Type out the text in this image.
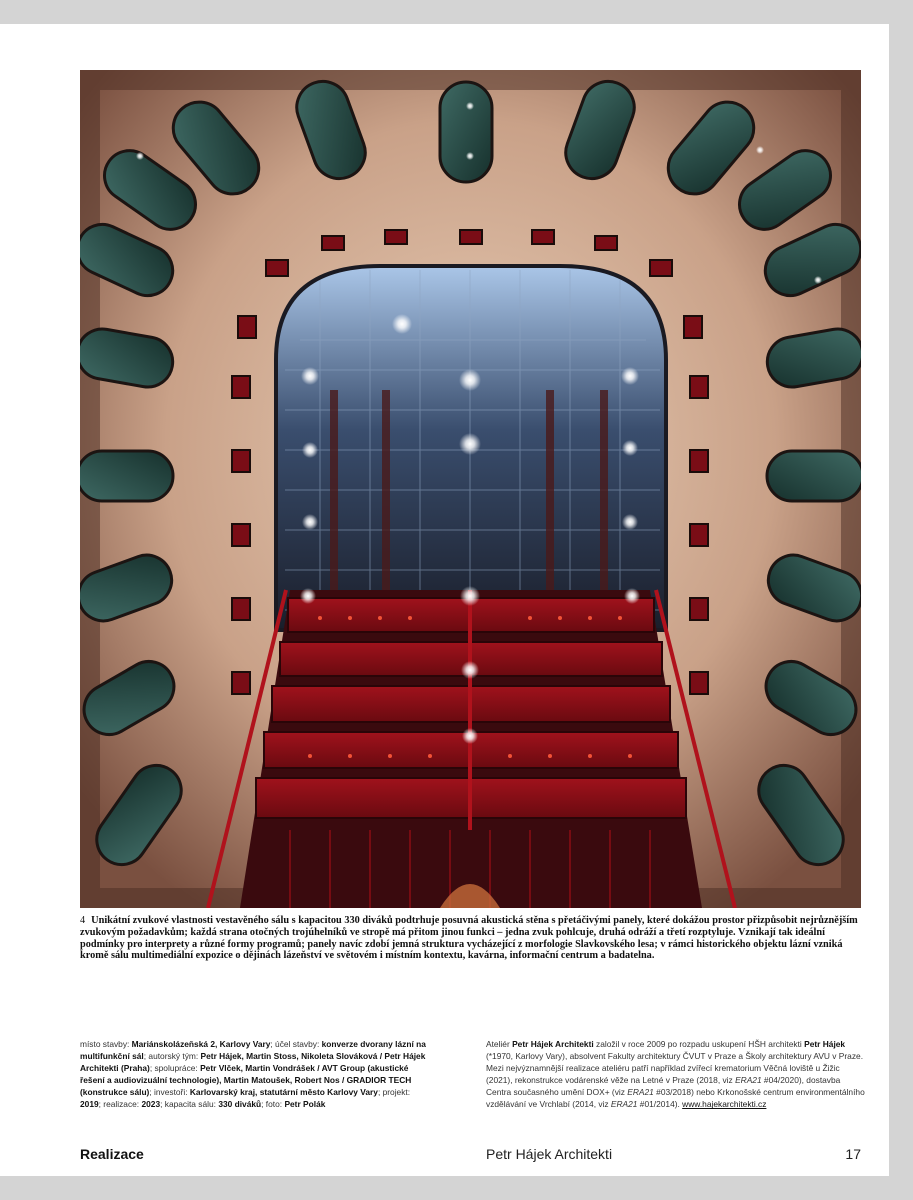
4 Unikátní zvukové vlastnosti vestavěného sálu s kapacitou 330 diváků podtrhuje posuvná akustická stěna s přetáčivými panely, které dokážou prostor přizpůsobit nejrůznějším zvukovým požadavkům; každá strana otočných trojúhelníků ve stropě má přitom jinou funkci – jedna zvuk pohlcuje, druhá odráží a třetí rozptyluje. Vznikají tak ideální podmínky pro interprety a různé formy programů; panely navíc zdobí jemná struktura vycházející z morfologie Slavkovského lesa; v rámci historického objektu lázní vzniká kromě sálu multimediální expozice o dějinách lázeňství ve světovém i místním kontextu, kavárna, informační centrum a badatelna.
místo stavby: Mariánskolázeňská 2, Karlovy Vary; účel stavby: konverze dvorany lázní na multifunkční sál; autorský tým: Petr Hájek, Martin Stoss, Nikoleta Slováková / Petr Hájek Architekti (Praha); spolupráce: Petr Vlček, Martin Vondrášek / AVT Group (akustické řešení a audiovizuální technologie), Martin Matoušek, Robert Nos / GRADIOR TECH (konstrukce sálu); investoři: Karlovarský kraj, statutární město Karlovy Vary; projekt: 2019; realizace: 2023; kapacita sálu: 330 diváků; foto: Petr Polák
Ateliér Petr Hájek Architekti založil v roce 2009 po rozpadu uskupení HŠH architekti Petr Hájek (*1970, Karlovy Vary), absolvent Fakulty architektury ČVUT v Praze a Školy architektury AVU v Praze. Mezi nejvýznamnější realizace ateliéru patří například zvířecí krematorium Věčná loviště u Žižic (2021), rekonstrukce vodárenské věže na Letné v Praze (2018, viz ERA21 #04/2020), dostavba Centra současného umění DOX+ (viz ERA21 #03/2018) nebo Krkonošské centrum environmentálního vzdělávání ve Vrchlabí (2014, viz ERA21 #01/2014). www.hajekarchitekti.cz
Realizace	Petr Hájek Architekti	17
